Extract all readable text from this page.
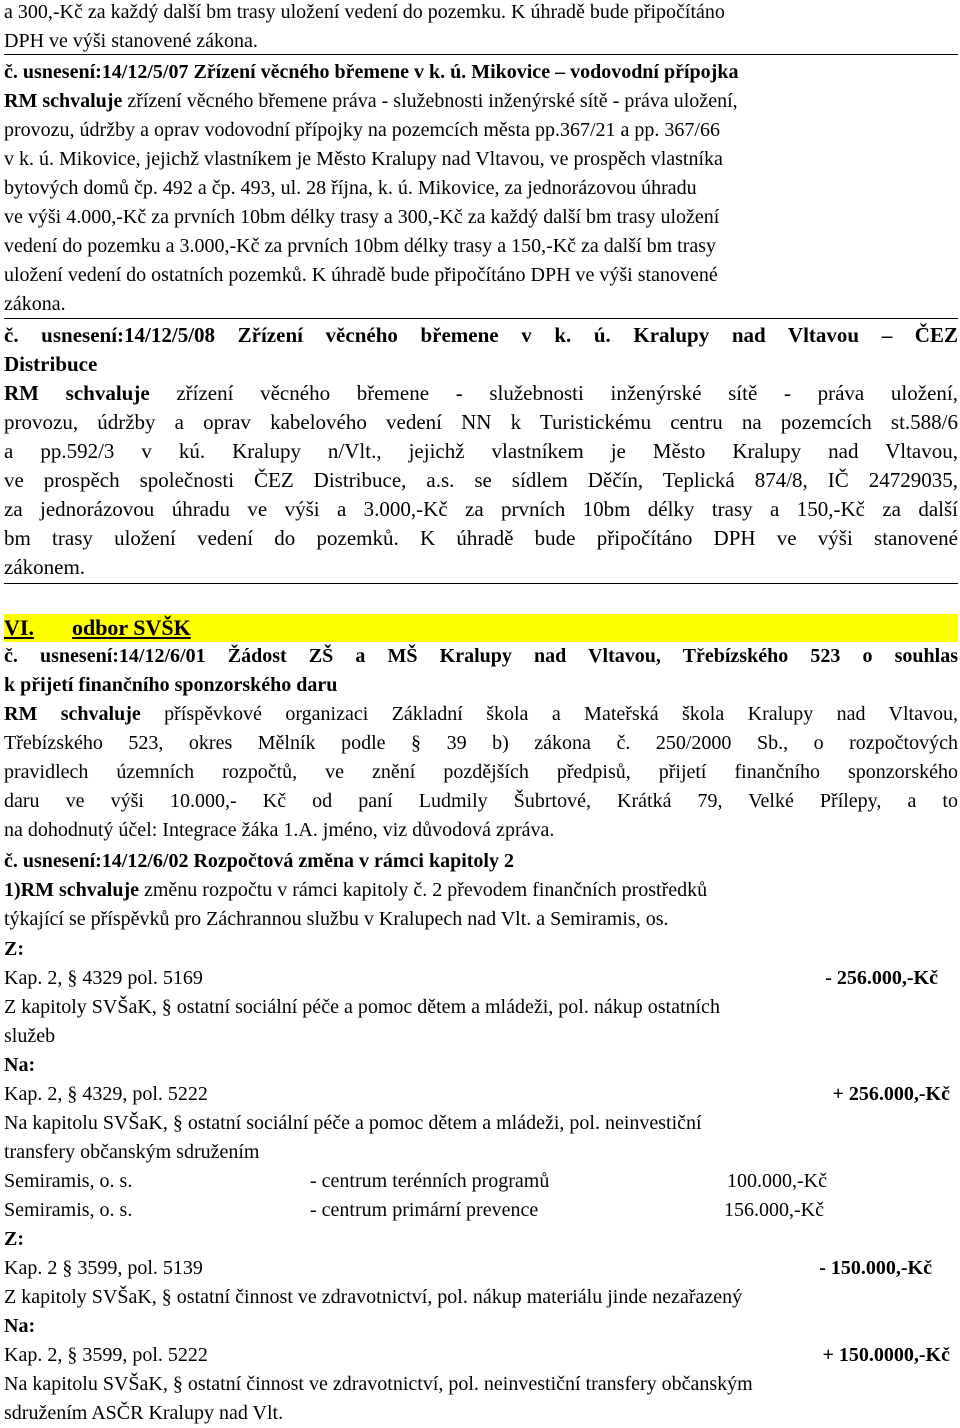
a 300,-Kč za každý další bm trasy uložení vedení do pozemku. K úhradě bude připočítáno
DPH ve výši stanovené zákona.
č. usnesení:14/12/5/07 Zřízení věcného břemene v k. ú. Mikovice – vodovodní přípojka
RM schvaluje zřízení věcného břemene práva - služebnosti inženýrské sítě - práva uložení,
provozu, údržby a oprav vodovodní přípojky na pozemcích města pp.367/21 a pp. 367/66
v k. ú. Mikovice, jejichž vlastníkem je Město Kralupy nad Vltavou, ve prospěch vlastníka
bytových domů čp. 492 a čp. 493, ul. 28 října, k. ú. Mikovice, za jednorázovou úhradu
ve výši 4.000,-Kč za prvních 10bm délky trasy a 300,-Kč za každý další bm trasy uložení
vedení do pozemku a 3.000,-Kč za prvních 10bm délky trasy a 150,-Kč za další bm trasy
uložení vedení do ostatních pozemků. K úhradě bude připočítáno DPH ve výši stanovené
zákona.
č. usnesení:14/12/5/08 Zřízení věcného břemene v k. ú. Kralupy nad Vltavou – ČEZ
Distribuce
RM schvaluje zřízení věcného břemene - služebnosti inženýrské sítě - práva uložení,
provozu, údržby a oprav kabelového vedení NN k Turistickému centru na pozemcích st.588/6
a pp.592/3 v kú. Kralupy n/Vlt., jejichž vlastníkem je Město Kralupy nad Vltavou,
ve prospěch společnosti ČEZ Distribuce, a.s. se sídlem Děčín, Teplická 874/8, IČ 24729035,
za jednorázovou úhradu ve výši a 3.000,-Kč za prvních 10bm délky trasy a 150,-Kč za další
bm trasy uložení vedení do pozemků. K úhradě bude připočítáno DPH ve výši stanovené
zákonem.
VI. odbor SVŠK
č. usnesení:14/12/6/01 Žádost ZŠ a MŠ Kralupy nad Vltavou, Třebízského 523 o souhlas
k přijetí finančního sponzorského daru
RM schvaluje příspěvkové organizaci Základní škola a Mateřská škola Kralupy nad Vltavou,
Třebízského 523, okres Mělník podle § 39 b) zákona č. 250/2000 Sb., o rozpočtových
pravidlech územních rozpočtů, ve znění pozdějších předpisů, přijetí finančního sponzorského
daru ve výši 10.000,- Kč od paní Ludmily Šubrtové, Krátká 79, Velké Přílepy, a to
na dohodnutý účel: Integrace žáka 1.A. jméno, viz důvodová zpráva.
č. usnesení:14/12/6/02 Rozpočtová změna v rámci kapitoly 2
1)RM schvaluje změnu rozpočtu v rámci kapitoly č. 2 převodem finančních prostředků
týkající se příspěvků pro Záchrannou službu v Kralupech nad Vlt. a Semiramis, os.
Z:
Kap. 2, § 4329 pol. 5169	- 256.000,-Kč
Z kapitoly SVŠaK, § ostatní sociální péče a pomoc dětem a mládeži, pol. nákup ostatních
služeb
Na:
Kap. 2, § 4329, pol. 5222	+ 256.000,-Kč
Na kapitolu SVŠaK, § ostatní sociální péče a pomoc dětem a mládeži, pol. neinvestiční
transfery občanským sdružením
Semiramis, o. s.	- centrum terénních programů	100.000,-Kč
Semiramis, o. s.	- centrum primární prevence	156.000,-Kč
Z:
Kap. 2 § 3599, pol. 5139	- 150.000,-Kč
Z kapitoly SVŠaK, § ostatní činnost ve zdravotnictví, pol. nákup materiálu jinde nezařazený
Na:
Kap. 2, § 3599, pol. 5222	+ 150.0000,-Kč
Na kapitolu SVŠaK, § ostatní činnost ve zdravotnictví, pol. neinvestiční transfery občanským
sdružením ASČR Kralupy nad Vlt.
